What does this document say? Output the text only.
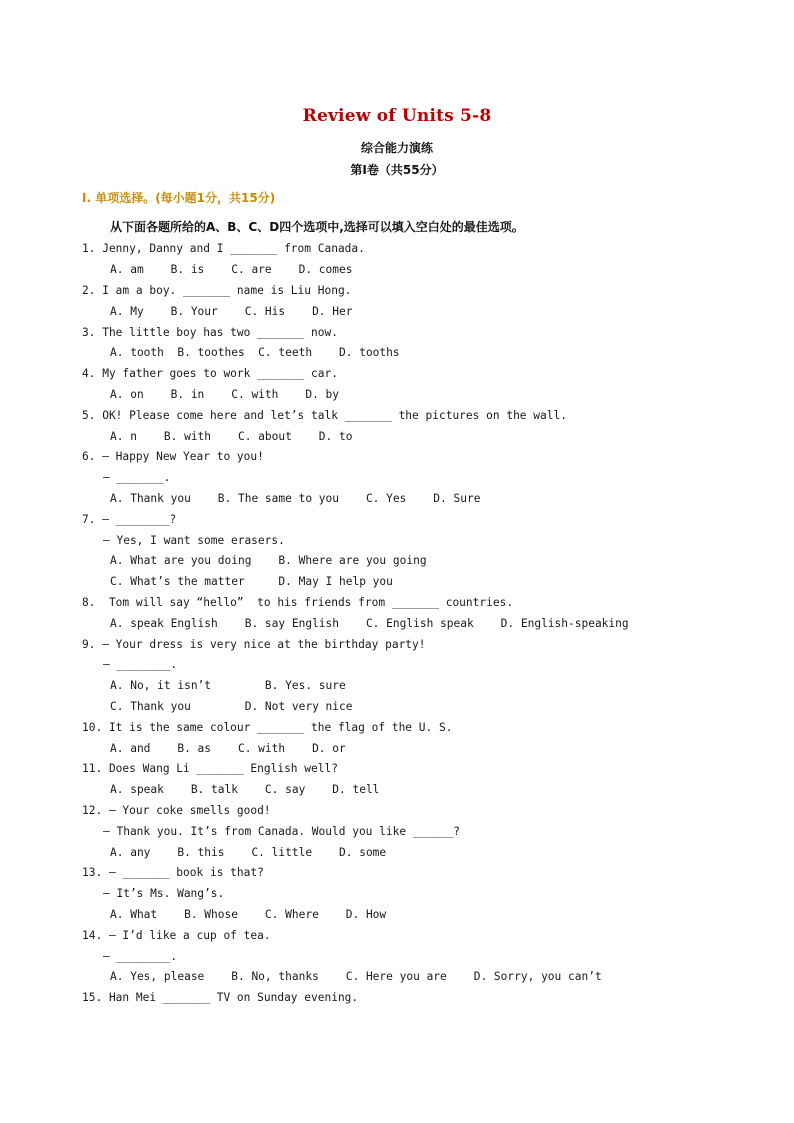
Review of Units 5-8
综合能力演练
第Ⅰ卷（共55分）
I. 单项选择。(每小题1分，共15分)
从下面各题所给的A、B、C、D四个选项中,选择可以填入空白处的最佳选项。
1. Jenny, Danny and I _______ from Canada.
A. am    B. is    C. are    D. comes
2. I am a boy. _______ name is Liu Hong.
A. My    B. Your    C. His    D. Her
3. The little boy has two _______ now.
A. tooth  B. toothes  C. teeth    D. tooths
4. My father goes to work _______ car.
A. on    B. in    C. with    D. by
5. OK! Please come here and let’s talk _______ the pictures on the wall.
A. n    B. with    C. about    D. to
6. — Happy New Year to you!
— _______.
A. Thank you    B. The same to you    C. Yes    D. Sure
7. — ________?
— Yes, I want some erasers.
A. What are you doing    B. Where are you going
C. What’s the matter     D. May I help you
8.  Tom will say “hello”  to his friends from _______ countries.
A. speak English    B. say English    C. English speak    D. English-speaking
9. — Your dress is very nice at the birthday party!
— ________.
A. No, it isn’t        B. Yes. sure
C. Thank you        D. Not very nice
10. It is the same colour _______ the flag of the U. S.
A. and    B. as    C. with    D. or
11. Does Wang Li _______ English well?
A. speak    B. talk    C. say    D. tell
12. — Your coke smells good!
— Thank you. It’s from Canada. Would you like ______?
A. any    B. this    C. little    D. some
13. — _______ book is that?
— It’s Ms. Wang’s.
A. What    B. Whose    C. Where    D. How
14. — I’d like a cup of tea.
— ________.
A. Yes, please    B. No, thanks    C. Here you are    D. Sorry, you can’t
15. Han Mei _______ TV on Sunday evening.
